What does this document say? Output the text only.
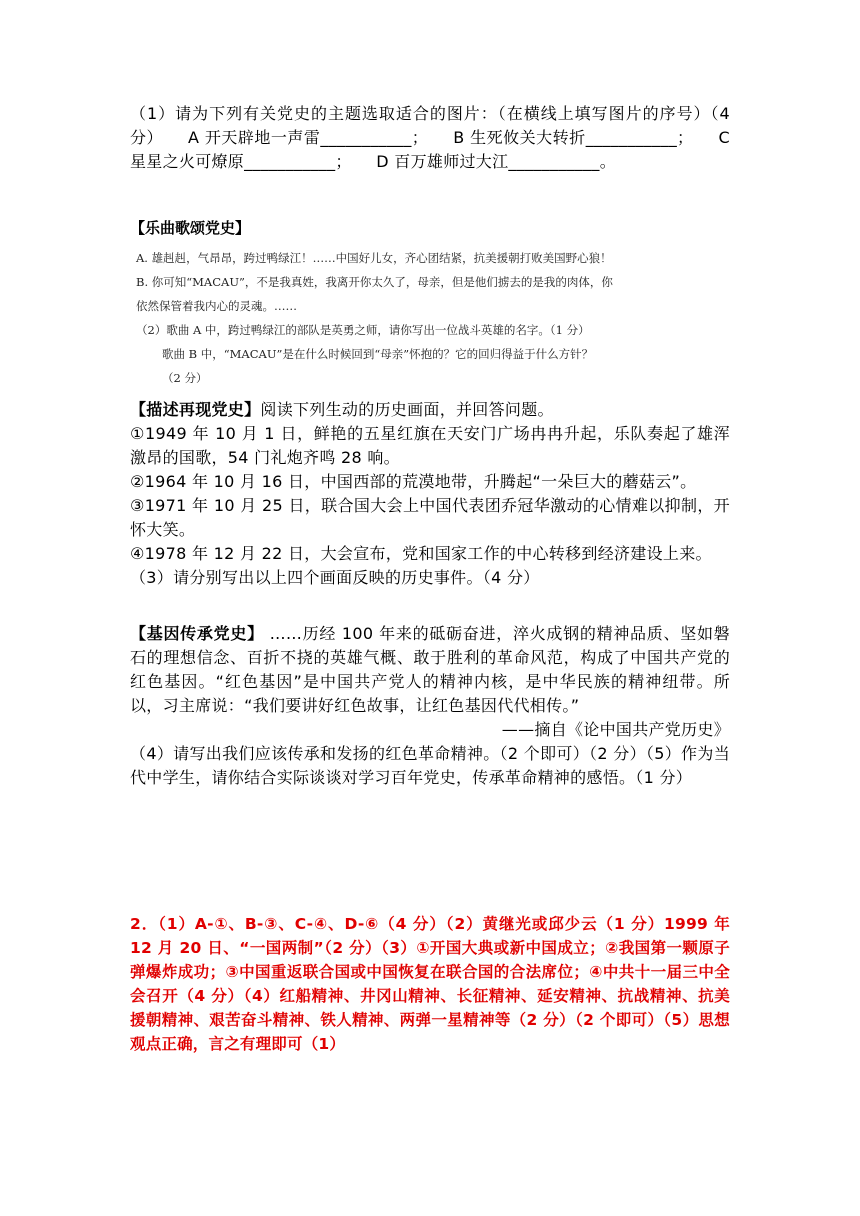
（1）请为下列有关党史的主题选取适合的图片：（在横线上填写图片的序号）（4 分）　　A 开天辟地一声雷___________；　　B 生死攸关大转折___________；　　C 星星之火可燎原___________；　　D 百万雄师过大江___________。
【乐曲歌颂党史】
A. 雄赳赳，气昂昂，跨过鸭绿江！……中国好儿女，齐心团结紧，抗美援朝打败美国野心狼！
B. 你可知“MACAU”，不是我真姓，我离开你太久了，母亲，但是他们掳去的是我的肉体，你
依然保管着我内心的灵魂。……
（2）歌曲 A 中，跨过鸭绿江的部队是英勇之师，请你写出一位战斗英雄的名字。（1 分）
歌曲 B 中，“MACAU”是在什么时候回到“母亲”怀抱的？它的回归得益于什么方针？
（2 分）
【描述再现党史】阅读下列生动的历史画面，并回答问题。
①1949 年 10 月 1 日，鲜艳的五星红旗在天安门广场冉冉升起，乐队奏起了雄浑激昂的国歌，54 门礼炮齐鸣 28 响。
②1964 年 10 月 16 日，中国西部的荒漠地带，升腾起“一朵巨大的蘑菇云”。
③1971 年 10 月 25 日，联合国大会上中国代表团乔冠华激动的心情难以抑制，开怀大笑。
④1978 年 12 月 22 日，大会宣布，党和国家工作的中心转移到经济建设上来。
（3）请分别写出以上四个画面反映的历史事件。（4 分）
【基因传承党史】 ……历经 100 年来的砥砺奋进，淬火成钢的精神品质、坚如磐石的理想信念、百折不挠的英雄气概、敢于胜利的革命风范，构成了中国共产党的红色基因。“红色基因”是中国共产党人的精神内核，是中华民族的精神纽带。所以，习主席说：“我们要讲好红色故事，让红色基因代代相传。”
——摘自《论中国共产党历史》
（4）请写出我们应该传承和发扬的红色革命精神。（2 个即可）（2 分）（5）作为当代中学生，请你结合实际谈谈对学习百年党史，传承革命精神的感悟。（1 分）
2．（1）A-①、B-③、C-④、D-⑥（4 分）（2）黄继光或邱少云（1 分）1999 年 12 月 20 日、“一国两制”（2 分）（3）①开国大典或新中国成立；②我国第一颗原子弹爆炸成功；③中国重返联合国或中国恢复在联合国的合法席位；④中共十一届三中全会召开（4 分）（4）红船精神、井冈山精神、长征精神、延安精神、抗战精神、抗美援朝精神、艰苦奋斗精神、铁人精神、两弹一星精神等（2 分）（2 个即可）（5）思想观点正确，言之有理即可（1）
